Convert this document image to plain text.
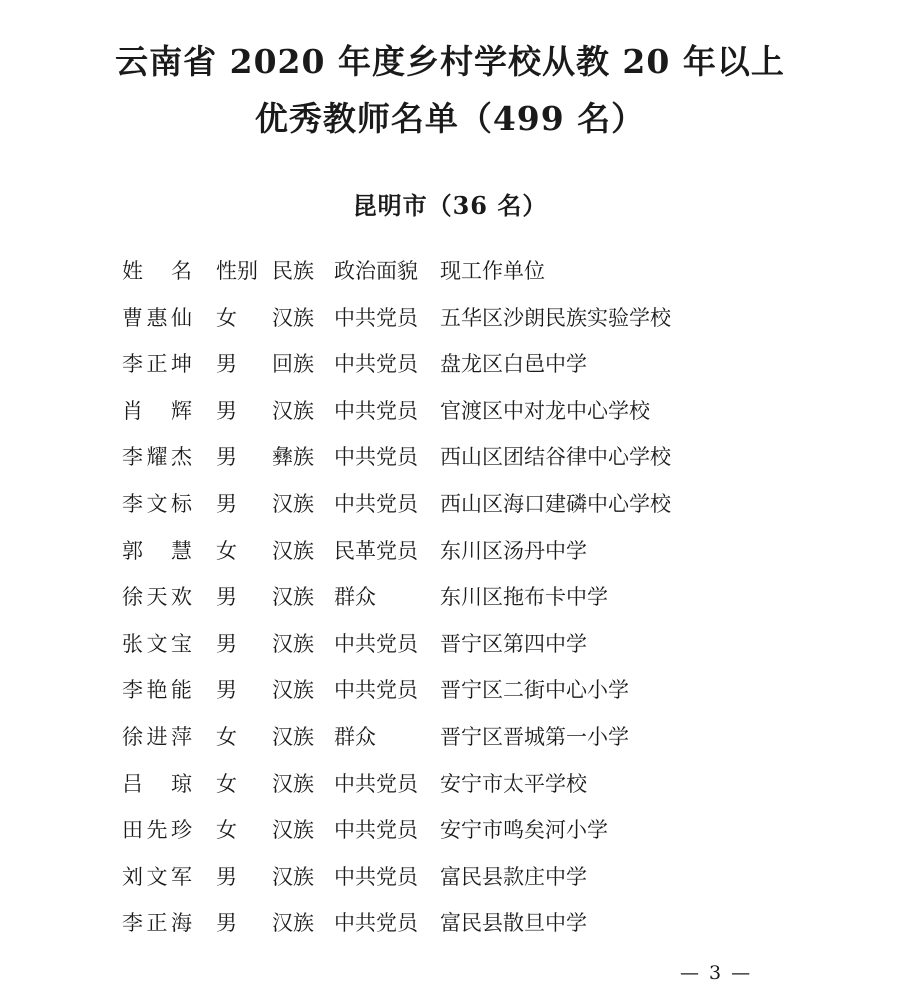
云南省 2020 年度乡村学校从教 20 年以上
优秀教师名单（499 名）
昆明市（36 名）
姓 名 性别 民族 政治面貌 现工作单位
曹惠仙 女 汉族 中共党员 五华区沙朗民族实验学校
李正坤 男 回族 中共党员 盘龙区白邑中学
肖 辉 男 汉族 中共党员 官渡区中对龙中心学校
李耀杰 男 彝族 中共党员 西山区团结谷律中心学校
李文标 男 汉族 中共党员 西山区海口建磷中心学校
郭 慧 女 汉族 民革党员 东川区汤丹中学
徐天欢 男 汉族 群众	东川区拖布卡中学
张文宝 男 汉族 中共党员 晋宁区第四中学
李艳能 男 汉族 中共党员 晋宁区二街中心小学
徐进萍 女 汉族 群众	晋宁区晋城第一小学
吕 琼 女 汉族 中共党员 安宁市太平学校
田先珍 女 汉族 中共党员 安宁市鸣矣河小学
刘文军 男 汉族 中共党员 富民县款庄中学
李正海 男 汉族 中共党员 富民县散旦中学
— 3 —
